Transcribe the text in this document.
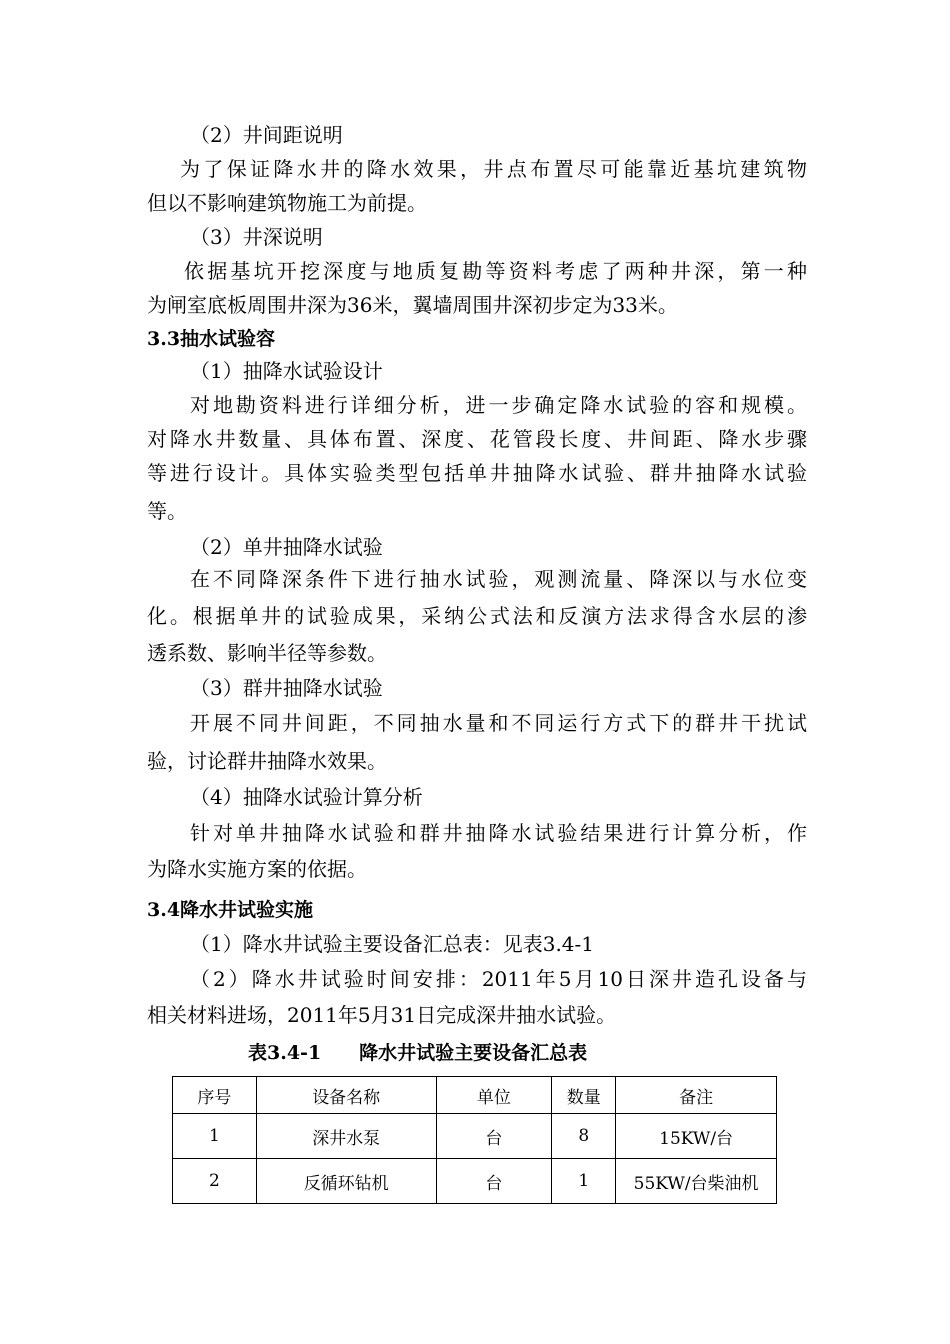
（2）井间距说明
为了保证降水井的降水效果，井点布置尽可能靠近基坑建筑物
但以不影响建筑物施工为前提。
（3）井深说明
依据基坑开挖深度与地质复勘等资料考虑了两种井深，第一种
为闸室底板周围井深为36米，翼墙周围井深初步定为33米。
3.3抽水试验容
（1）抽降水试验设计
对地勘资料进行详细分析，进一步确定降水试验的容和规模。
对降水井数量、具体布置、深度、花管段长度、井间距、降水步骤
等进行设计。具体实验类型包括单井抽降水试验、群井抽降水试验
等。
（2）单井抽降水试验
在不同降深条件下进行抽水试验，观测流量、降深以与水位变
化。根据单井的试验成果，采纳公式法和反演方法求得含水层的渗
透系数、影响半径等参数。
（3）群井抽降水试验
开展不同井间距，不同抽水量和不同运行方式下的群井干扰试
验，讨论群井抽降水效果。
（4）抽降水试验计算分析
针对单井抽降水试验和群井抽降水试验结果进行计算分析，作
为降水实施方案的依据。
3.4降水井试验实施
（1）降水井试验主要设备汇总表：见表3.4-1
（2）降水井试验时间安排：2011年5月10日深井造孔设备与
相关材料进场，2011年5月31日完成深井抽水试验。
表3.4-1 降水井试验主要设备汇总表
序号	设备名称	单位	数量	备注
1	深井水泵	台	8	15KW/台
2	反循环钻机	台	1	55KW/台柴油机
